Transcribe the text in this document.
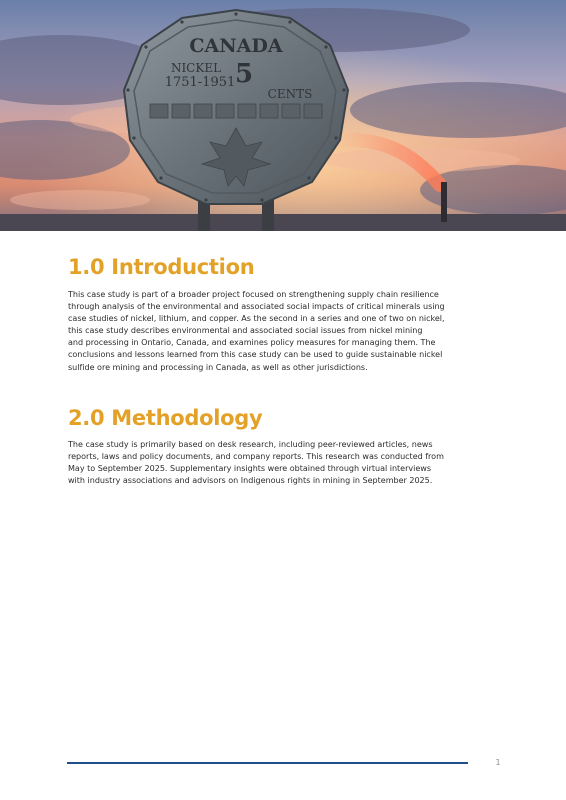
CANADA
NICKEL
1751-1951 5
CENTS
1.0 Introduction

This case study is part of a broader project focused on strengthening supply chain resilience
through analysis of the environmental and associated social impacts of critical minerals using
case studies of nickel, lithium, and copper. As the second in a series and one of two on nickel,
this case study describes environmental and associated social issues from nickel mining
and processing in Ontario, Canada, and examines policy measures for managing them. The
conclusions and lessons learned from this case study can be used to guide sustainable nickel
sulfide ore mining and processing in Canada, as well as other jurisdictions.

2.0 Methodology

The case study is primarily based on desk research, including peer-reviewed articles, news
reports, laws and policy documents, and company reports. This research was conducted from
May to September 2025. Supplementary insights were obtained through virtual interviews
with industry associations and advisors on Indigenous rights in mining in September 2025.

1
